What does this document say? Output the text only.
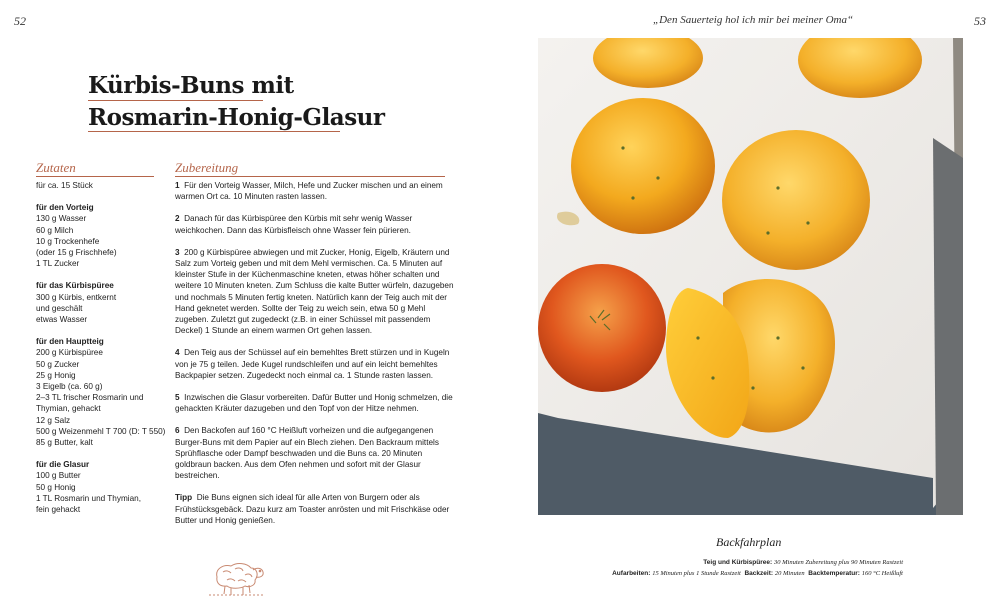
52	53
„Den Sauerteig hol ich mir bei meiner Oma“
Kürbis-Buns mit
Rosmarin-Honig-Glasur
Zutaten	Zubereitung
für ca. 15 Stück
für den Vorteig
130 g Wasser
60 g Milch
10 g Trockenhefe
(oder 15 g Frischhefe)
1 TL Zucker
für das Kürbispüree
300 g Kürbis, entkernt
und geschält
etwas Wasser
für den Hauptteig
200 g Kürbispüree
50 g Zucker
25 g Honig
3 Eigelb (ca. 60 g)
2–3 TL frischer Rosmarin und
Thymian, gehackt
12 g Salz
500 g Weizenmehl T 700 (D: T 550)
85 g Butter, kalt
für die Glasur
100 g Butter
50 g Honig
1 TL Rosmarin und Thymian,
fein gehackt
1 Für den Vorteig Wasser, Milch, Hefe und Zucker mischen und an einem warmen Ort ca. 10 Minuten rasten lassen.
2 Danach für das Kürbispüree den Kürbis mit sehr wenig Wasser weichkochen. Dann das Kürbisfleisch ohne Wasser fein pürieren.
3 200 g Kürbispüree abwiegen und mit Zucker, Honig, Eigelb, Kräutern und Salz zum Vorteig geben und mit dem Mehl vermischen. Ca. 5 Minuten auf kleinster Stufe in der Küchenmaschine kneten, etwas höher schalten und weitere 10 Minuten kneten. Zum Schluss die kalte Butter würfeln, dazugeben und nochmals 5 Minuten fertig kneten. Natürlich kann der Teig auch mit der Hand geknetet werden. Sollte der Teig zu weich sein, etwa 50 g Mehl zugeben. Zuletzt gut zugedeckt (z.B. in einer Schüssel mit passendem Deckel) 1 Stunde an einem warmen Ort gehen lassen.
4 Den Teig aus der Schüssel auf ein bemehltes Brett stürzen und in Kugeln von je 75 g teilen. Jede Kugel rundschleifen und auf ein leicht bemehltes Backpapier setzen. Zugedeckt noch einmal ca. 1 Stunde rasten lassen.
5 Inzwischen die Glasur vorbereiten. Dafür Butter und Honig schmelzen, die gehackten Kräuter dazugeben und den Topf von der Hitze nehmen.
6 Den Backofen auf 160 °C Heißluft vorheizen und die aufgegangenen Burger-Buns mit dem Papier auf ein Blech ziehen. Den Backraum mittels Sprühflasche oder Dampf beschwaden und die Buns ca. 20 Minuten goldbraun backen. Aus dem Ofen nehmen und sofort mit der Glasur bestreichen.
Tipp Die Buns eignen sich ideal für alle Arten von Burgern oder als Frühstücksgebäck. Dazu kurz am Toaster anrösten und mit Frischkäse oder Butter und Honig genießen.
Backfahrplan
Teig und Kürbispüree: 30 Minuten Zubereitung plus 90 Minuten Rastzeit
Aufarbeiten: 15 Minuten plus 1 Stunde Rastzeit Backzeit: 20 Minuten Backtemperatur: 160 °C Heißluft
